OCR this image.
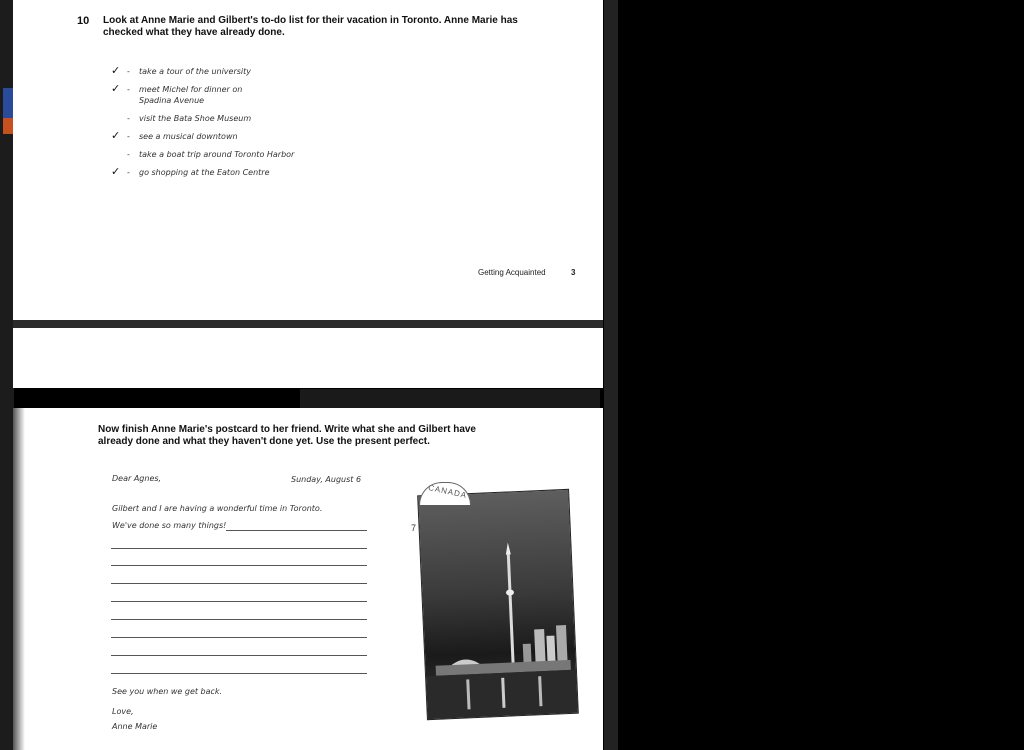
10 Look at Anne Marie and Gilbert's to-do list for their vacation in Toronto. Anne Marie has checked what they have already done.
✓ - take a tour of the university
✓ - meet Michel for dinner on Spadina Avenue
- visit the Bata Shoe Museum
✓ - see a musical downtown
- take a boat trip around Toronto Harbor
✓ - go shopping at the Eaton Centre
Getting Acquainted	3
Now finish Anne Marie's postcard to her friend. Write what she and Gilbert have already done and what they haven't done yet. Use the present perfect.
Dear Agnes,	Sunday, August 6
Gilbert and I are having a wonderful time in Toronto.
We've done so many things!
See you when we get back.
Love,
Anne Marie
7
CANADA
